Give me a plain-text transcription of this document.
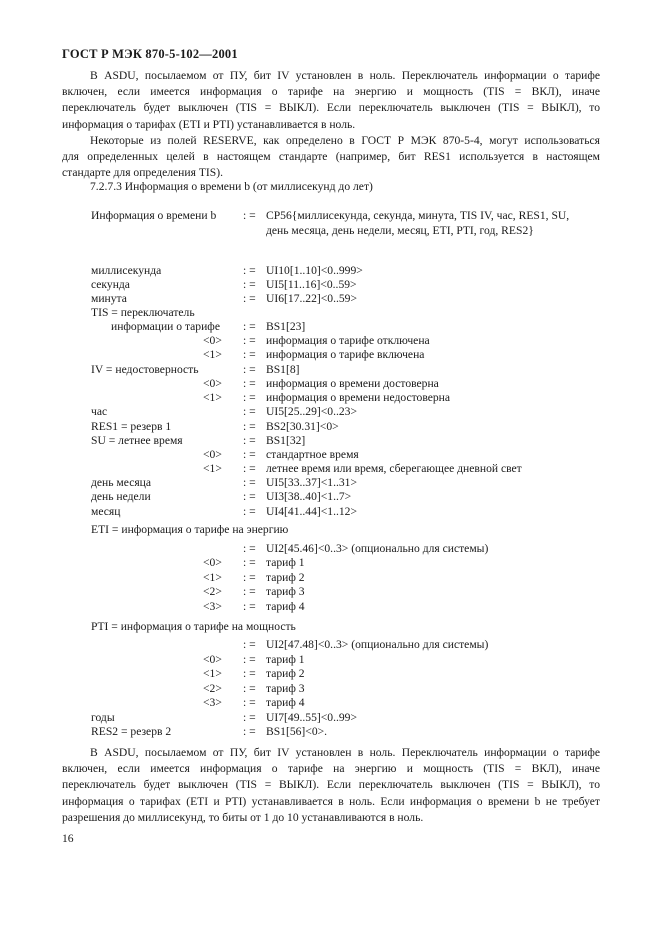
ГОСТ Р МЭК 870-5-102—2001
В ASDU, посылаемом от ПУ, бит IV установлен в ноль. Переключатель информации о тарифе
включен, если имеется информация о тарифе на энергию и мощность (TIS = ВКЛ), иначе
переключатель будет выключен (TIS = ВЫКЛ). Если переключатель выключен (TIS = ВЫКЛ), то
информация о тарифах (ETI и PTI) устанавливается в ноль.
Некоторые из полей RESERVE, как определено в ГОСТ Р МЭК 870-5-4, могут использоваться
для определенных целей в настоящем стандарте (например, бит RES1 используется в настоящем
стандарте для определения TIS).
7.2.7.3 Информация о времени b (от миллисекунд до лет)
Информация о времени b : = CP56{миллисекунда, секунда, минута, TIS IV, час, RES1, SU,
день месяца, день недели, месяц, ETI, PTI, год, RES2}
миллисекунда	: = UI10[1..10]<0..999>
секунда	: = UI5[11..16]<0..59>
минута	: = UI6[17..22]<0..59>
TIS = переключатель
информации о тарифе : = BS1[23]
<0> : = информация о тарифе отключена
<1> : = информация о тарифе включена
IV = недостоверность	: = BS1[8]
<0> : = информация о времени достоверна
<1> : = информация о времени недостоверна
час	: = UI5[25..29]<0..23>
RES1 = резерв 1	: = BS2[30.31]<0>
SU = летнее время	: = BS1[32]
<0> : = стандартное время
<1> : = летнее время или время, сберегающее дневной свет
день месяца	: = UI5[33..37]<1..31>
день недели	: = UI3[38..40]<1..7>
месяц	: = UI4[41..44]<1..12>
ETI = информация о тарифе на энергию
: = UI2[45.46]<0..3> (опционально для системы)
<0> : = тариф 1
<1> : = тариф 2
<2> : = тариф 3
<3> : = тариф 4
PTI = информация о тарифе на мощность
: = UI2[47.48]<0..3> (опционально для системы)
<0> : = тариф 1
<1> : = тариф 2
<2> : = тариф 3
<3> : = тариф 4
годы	: = UI7[49..55]<0..99>
RES2 = резерв 2	: = BS1[56]<0>.
В ASDU, посылаемом от ПУ, бит IV установлен в ноль. Переключатель информации о тарифе
включен, если имеется информация о тарифе на энергию и мощность (TIS = ВКЛ), иначе
переключатель будет выключен (TIS = ВЫКЛ). Если переключатель выключен (TIS = ВЫКЛ), то
информация о тарифах (ETI и PTI) устанавливается в ноль. Если информация о времени b не требует
разрешения до миллисекунд, то биты от 1 до 10 устанавливаются в ноль.
16
